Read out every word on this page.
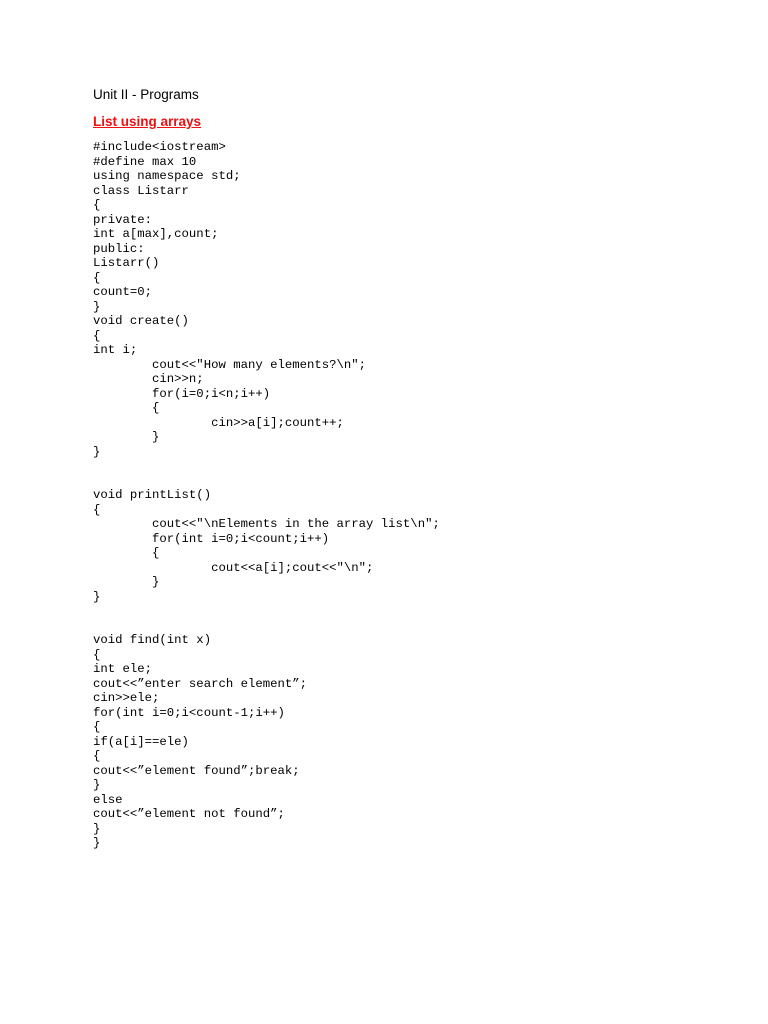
Unit II - Programs
List using arrays
#include<iostream>
#define max 10
using namespace std;
class Listarr
{
private:
int a[max],count;
public:
Listarr()
{
count=0;
}
void create()
{
int i;
cout<<"How many elements?\n";
cin>>n;
for(i=0;i<n;i++)
{
cin>>a[i];count++;
}
}
void printList()
{
cout<<"\nElements in the array list\n";
for(int i=0;i<count;i++)
{
cout<<a[i];cout<<"\n";
}
}
void find(int x)
{
int ele;
cout<<”enter search element”;
cin>>ele;
for(int i=0;i<count-1;i++)
{
if(a[i]==ele)
{
cout<<”element found”;break;
}
else
cout<<”element not found”;
}
}
